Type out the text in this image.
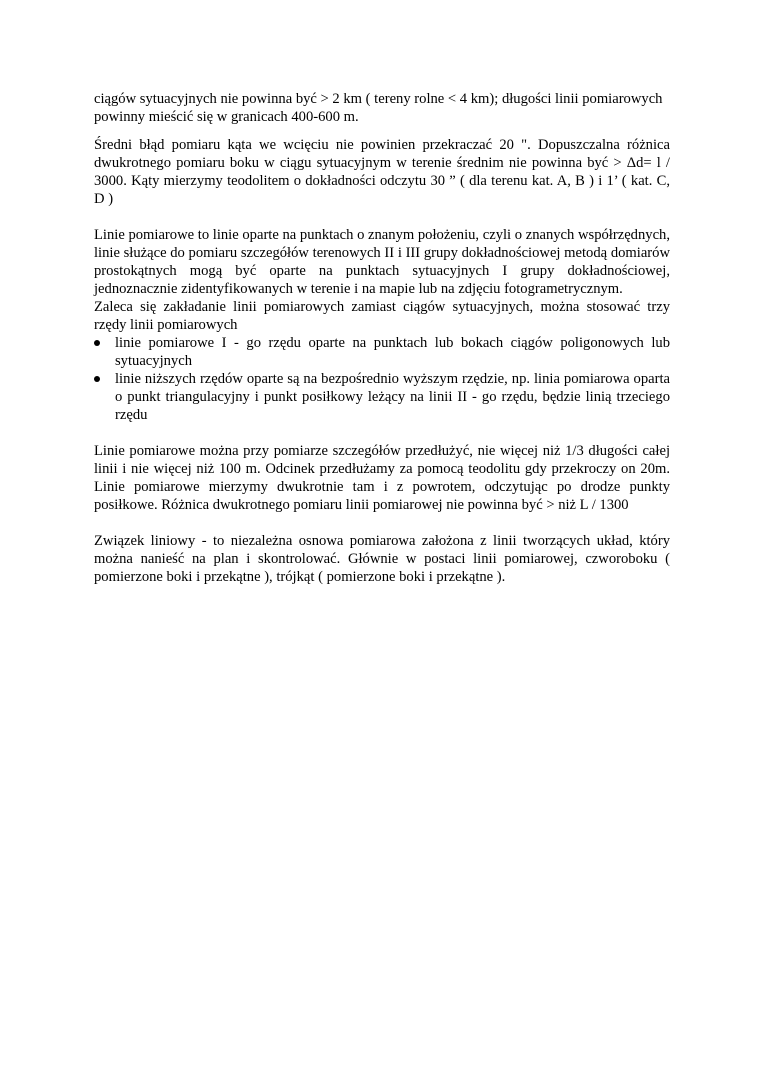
ciągów sytuacyjnych nie powinna być > 2 km ( tereny rolne < 4 km); długości linii pomiarowych powinny mieścić się w granicach 400-600 m.

Średni błąd pomiaru kąta we wcięciu nie powinien przekraczać 20 ". Dopuszczalna różnica dwukrotnego pomiaru boku w ciągu sytuacyjnym w terenie średnim nie powinna być > Δd= l / 3000. Kąty mierzymy teodolitem o dokładności odczytu 30 ” ( dla terenu kat. A, B ) i 1’ ( kat. C, D )

Linie pomiarowe to linie oparte na punktach o znanym położeniu, czyli o znanych współrzędnych, linie służące do pomiaru szczegółów terenowych II i III grupy dokładnościowej metodą domiarów prostokątnych mogą być oparte na punktach sytuacyjnych I grupy dokładnościowej, jednoznacznie zidentyfikowanych w terenie i na mapie lub na zdjęciu fotogrametrycznym.

Zaleca się zakładanie linii pomiarowych zamiast ciągów sytuacyjnych, można stosować trzy rzędy linii pomiarowych

linie pomiarowe I - go rzędu oparte na punktach lub bokach ciągów poligonowych lub sytuacyjnych
linie niższych rzędów oparte są na bezpośrednio wyższym rzędzie, np. linia pomiarowa oparta o punkt triangulacyjny i punkt posiłkowy leżący na linii II - go rzędu, będzie linią trzeciego rzędu

Linie pomiarowe można przy pomiarze szczegółów przedłużyć, nie więcej niż 1/3 długości całej linii i nie więcej niż 100 m. Odcinek przedłużamy za pomocą teodolitu gdy przekroczy on 20m. Linie pomiarowe mierzymy dwukrotnie tam i z powrotem, odczytując po drodze punkty posiłkowe. Różnica dwukrotnego pomiaru linii pomiarowej nie powinna być > niż L / 1300

Związek liniowy - to niezależna osnowa pomiarowa założona z linii tworzących układ, który można nanieść na plan i skontrolować. Głównie w postaci linii pomiarowej, czworoboku ( pomierzone boki i przekątne ), trójkąt ( pomierzone boki i przekątne ).
